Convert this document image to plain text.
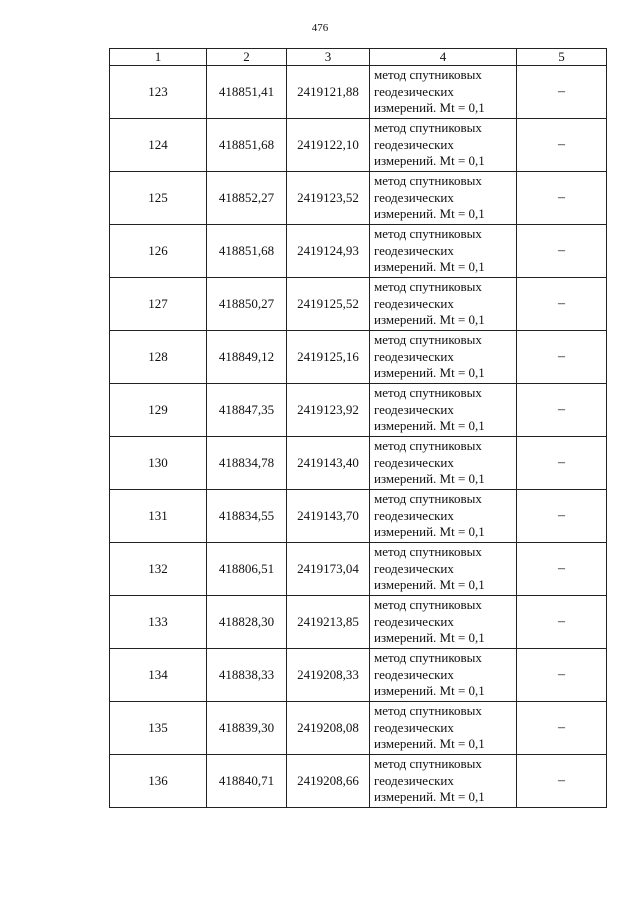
476
1	2	3	4	5
123	418851,41	2419121,88	метод спутниковых
геодезических
измерений. Mt = 0,1	–
124	418851,68	2419122,10	метод спутниковых
геодезических
измерений. Mt = 0,1	–
125	418852,27	2419123,52	метод спутниковых
геодезических
измерений. Mt = 0,1	–
126	418851,68	2419124,93	метод спутниковых
геодезических
измерений. Mt = 0,1	–
127	418850,27	2419125,52	метод спутниковых
геодезических
измерений. Mt = 0,1	–
128	418849,12	2419125,16	метод спутниковых
геодезических
измерений. Mt = 0,1	–
129	418847,35	2419123,92	метод спутниковых
геодезических
измерений. Mt = 0,1	–
130	418834,78	2419143,40	метод спутниковых
геодезических
измерений. Mt = 0,1	–
131	418834,55	2419143,70	метод спутниковых
геодезических
измерений. Mt = 0,1	–
132	418806,51	2419173,04	метод спутниковых
геодезических
измерений. Mt = 0,1	–
133	418828,30	2419213,85	метод спутниковых
геодезических
измерений. Mt = 0,1	–
134	418838,33	2419208,33	метод спутниковых
геодезических
измерений. Mt = 0,1	–
135	418839,30	2419208,08	метод спутниковых
геодезических
измерений. Mt = 0,1	–
136	418840,71	2419208,66	метод спутниковых
геодезических
измерений. Mt = 0,1	–
